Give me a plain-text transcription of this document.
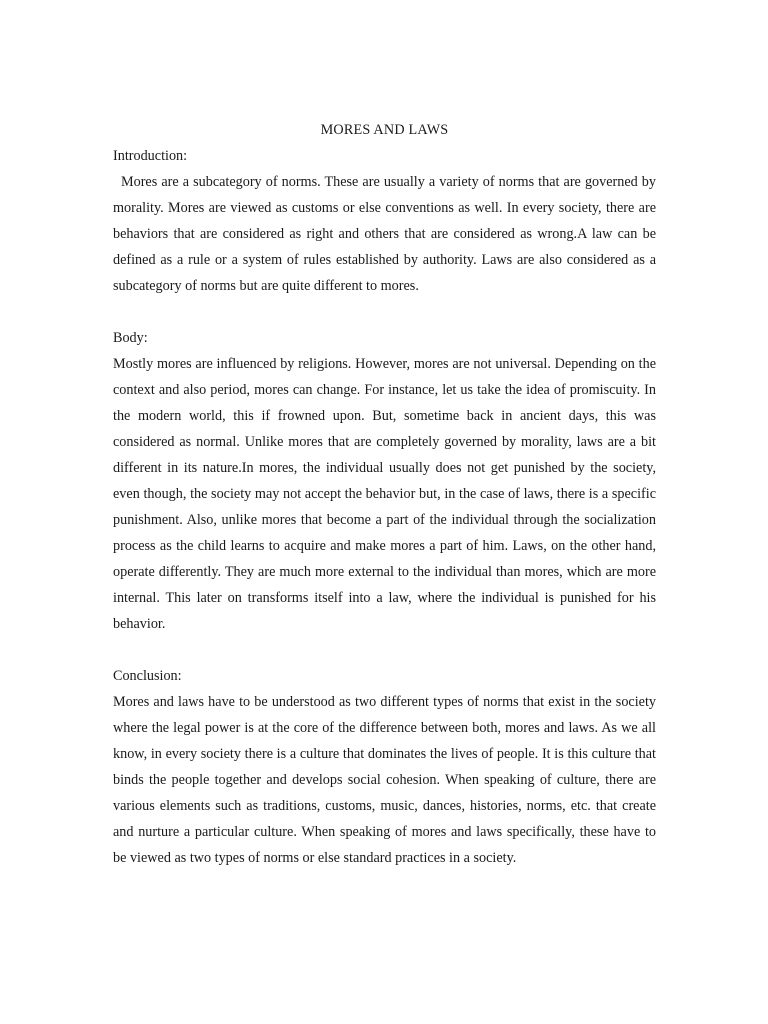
MORES AND LAWS
Introduction:

Mores are a subcategory of norms. These are usually a variety of norms that are governed by morality. Mores are viewed as customs or else conventions as well. In every society, there are behaviors that are considered as right and others that are considered as wrong.A law can be defined as a rule or a system of rules established by authority. Laws are also considered as a subcategory of norms but are quite different to mores.

Body:

Mostly mores are influenced by religions. However, mores are not universal. Depending on the context and also period, mores can change. For instance, let us take the idea of promiscuity. In the modern world, this if frowned upon. But, sometime back in ancient days, this was considered as normal. Unlike mores that are completely governed by morality, laws are a bit different in its nature.In mores, the individual usually does not get punished by the society, even though, the society may not accept the behavior but, in the case of laws, there is a specific punishment. Also, unlike mores that become a part of the individual through the socialization process as the child learns to acquire and make mores a part of him. Laws, on the other hand, operate differently. They are much more external to the individual than mores, which are more internal. This later on transforms itself into a law, where the individual is punished for his behavior.

Conclusion:

Mores and laws have to be understood as two different types of norms that exist in the society where the legal power is at the core of the difference between both, mores and laws. As we all know, in every society there is a culture that dominates the lives of people. It is this culture that binds the people together and develops social cohesion. When speaking of culture, there are various elements such as traditions, customs, music, dances, histories, norms, etc. that create and nurture a particular culture. When speaking of mores and laws specifically, these have to be viewed as two types of norms or else standard practices in a society.
